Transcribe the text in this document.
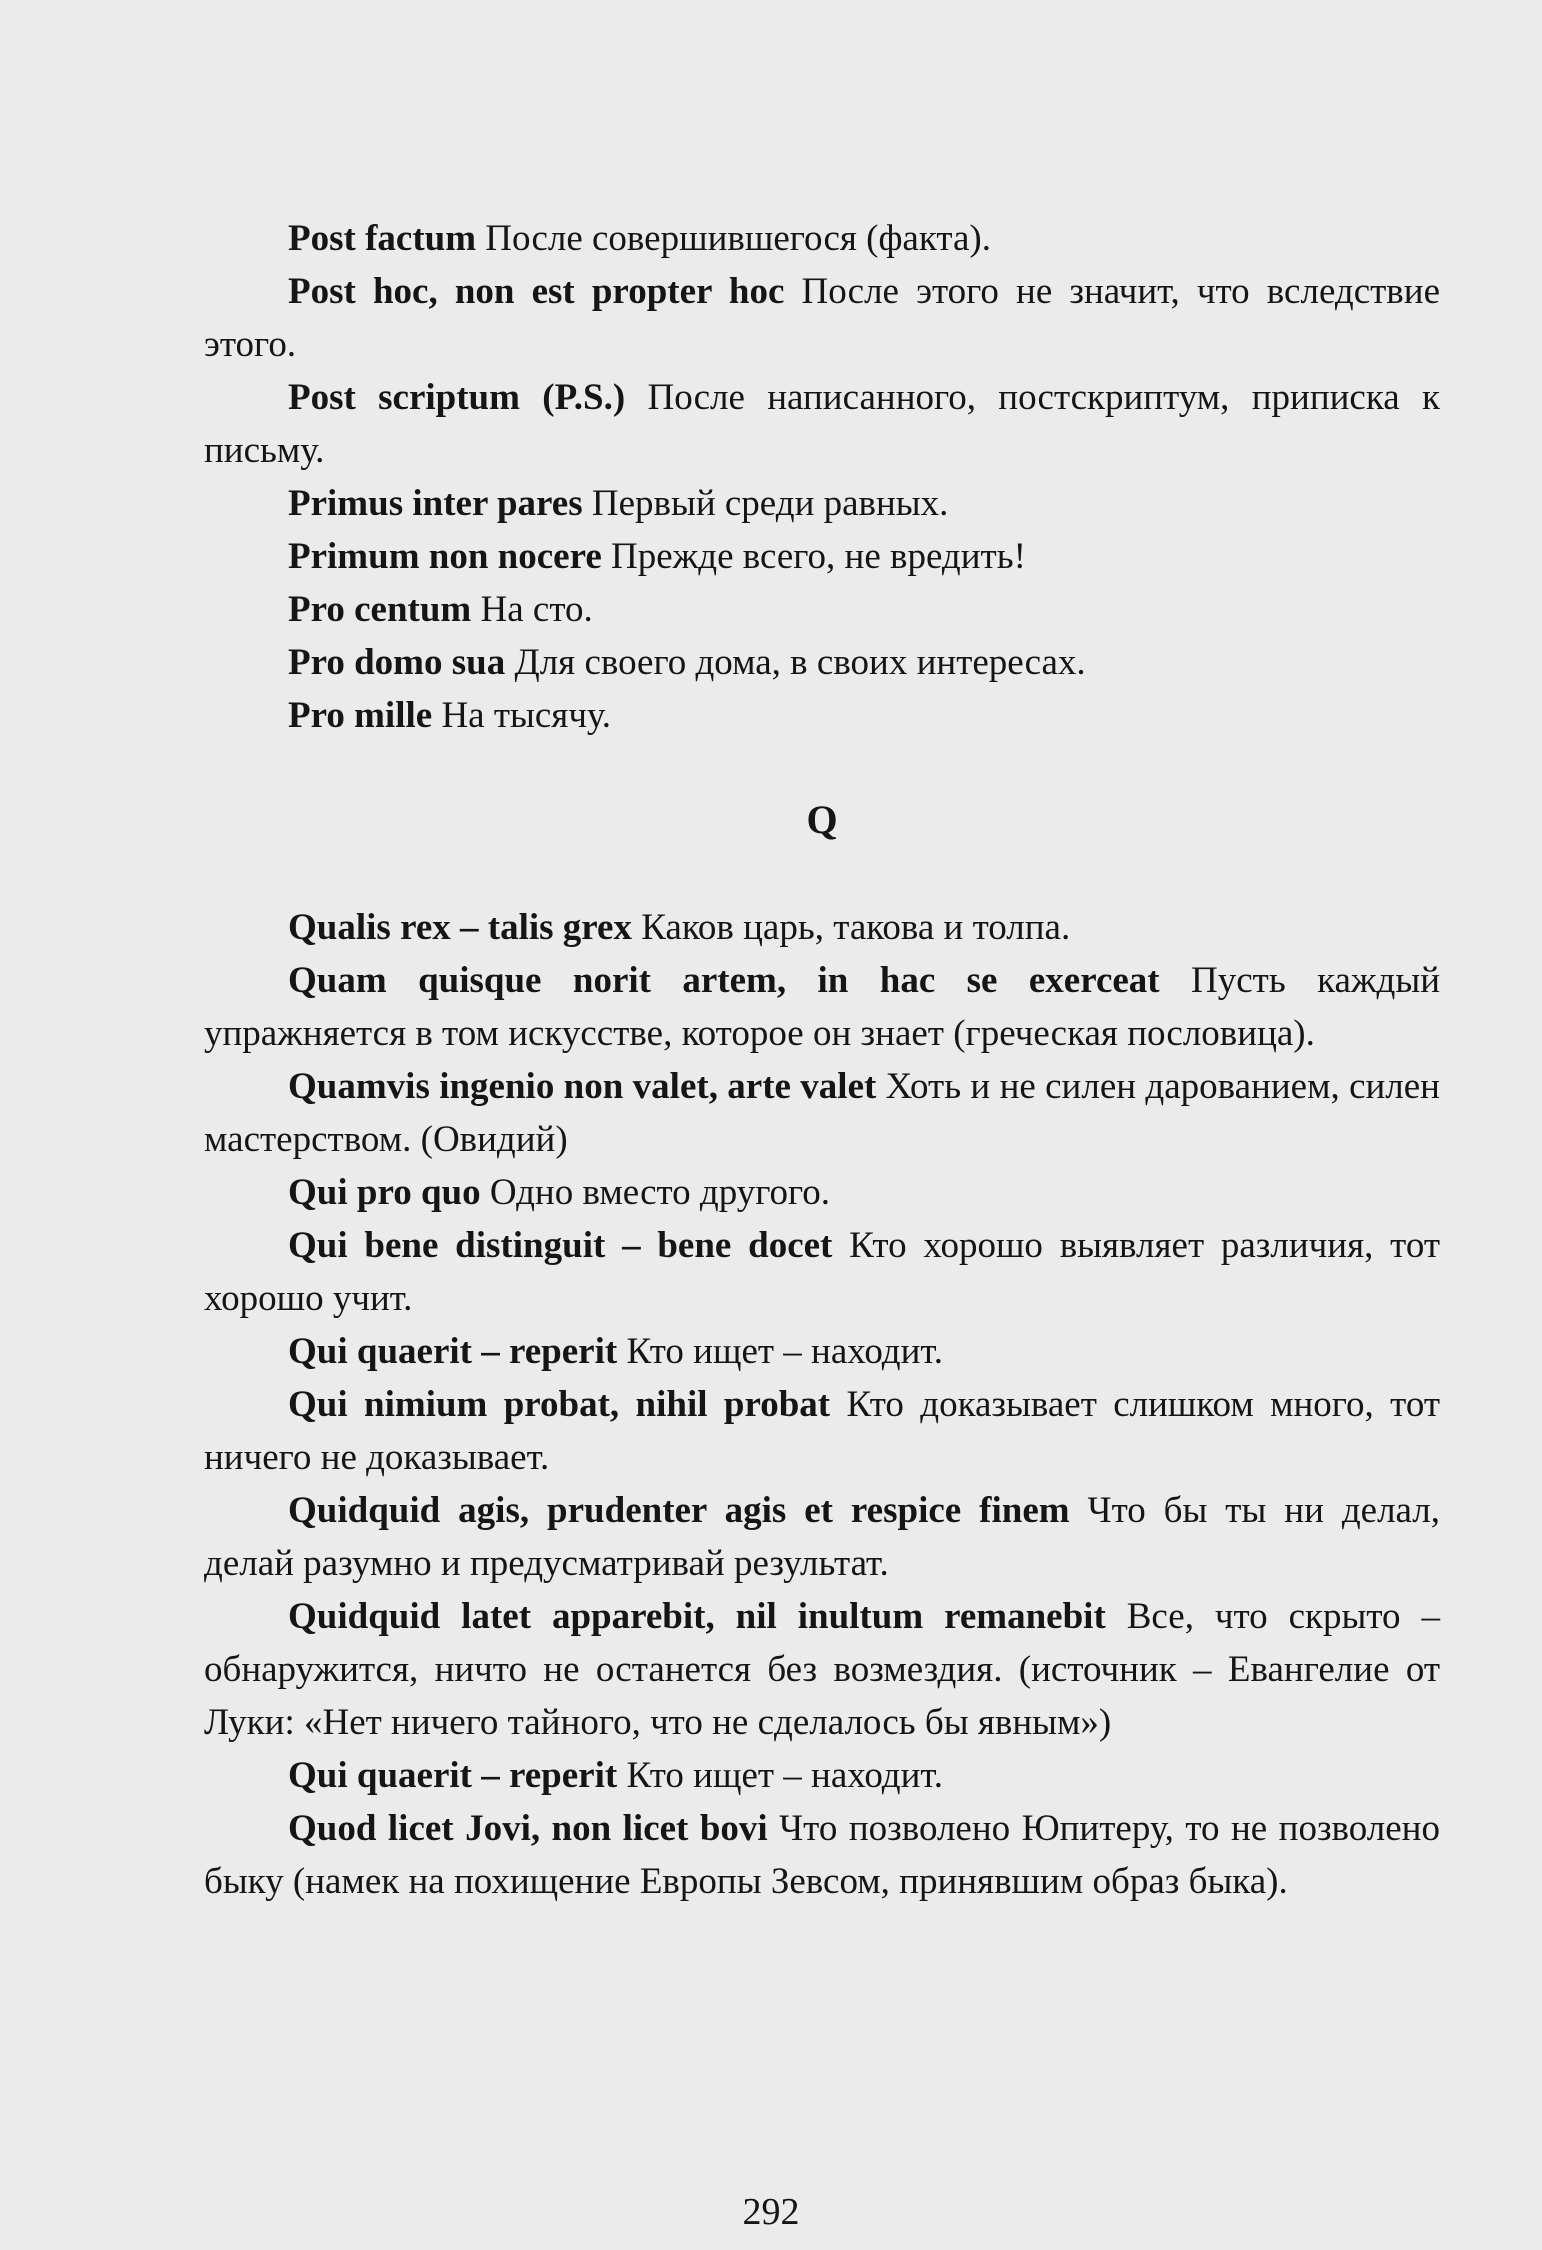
Post factum После совершившегося (факта).

Post hoc, non est propter hoc После этого не значит, что вследствие этого.

Post scriptum (P.S.) После написанного, постскриптум, приписка к письму.

Primus inter pares Первый среди равных.

Primum non nocere Прежде всего, не вредить!

Pro centum На сто.

Pro domo sua Для своего дома, в своих интересах.

Pro mille На тысячу.

Q

Qualis rex – talis grex Каков царь, такова и толпа.

Quam quisque norit artem, in hac se exerceat Пусть каждый упражняется в том искусстве, которое он знает (греческая пословица).

Quamvis ingenio non valet, arte valet Хоть и не силен дарованием, силен мастерством. (Овидий)

Qui pro quo Одно вместо другого.

Qui bene distinguit – bene docet Кто хорошо выявляет различия, тот хорошо учит.

Qui quaerit – reperit Кто ищет – находит.

Qui nimium probat, nihil probat Кто доказывает слишком много, тот ничего не доказывает.

Quidquid agis, prudenter agis et respice finem Что бы ты ни делал, делай разумно и предусматривай результат.

Quidquid latet apparebit, nil inultum remanebit Все, что скрыто – обнаружится, ничто не останется без возмездия. (источник – Евангелие от Луки: «Нет ничего тайного, что не сделалось бы явным»)

Qui quaerit – reperit Кто ищет – находит.

Quod licet Jovi, non licet bovi Что позволено Юпитеру, то не позволено быку (намек на похищение Европы Зевсом, принявшим образ быка).

292
